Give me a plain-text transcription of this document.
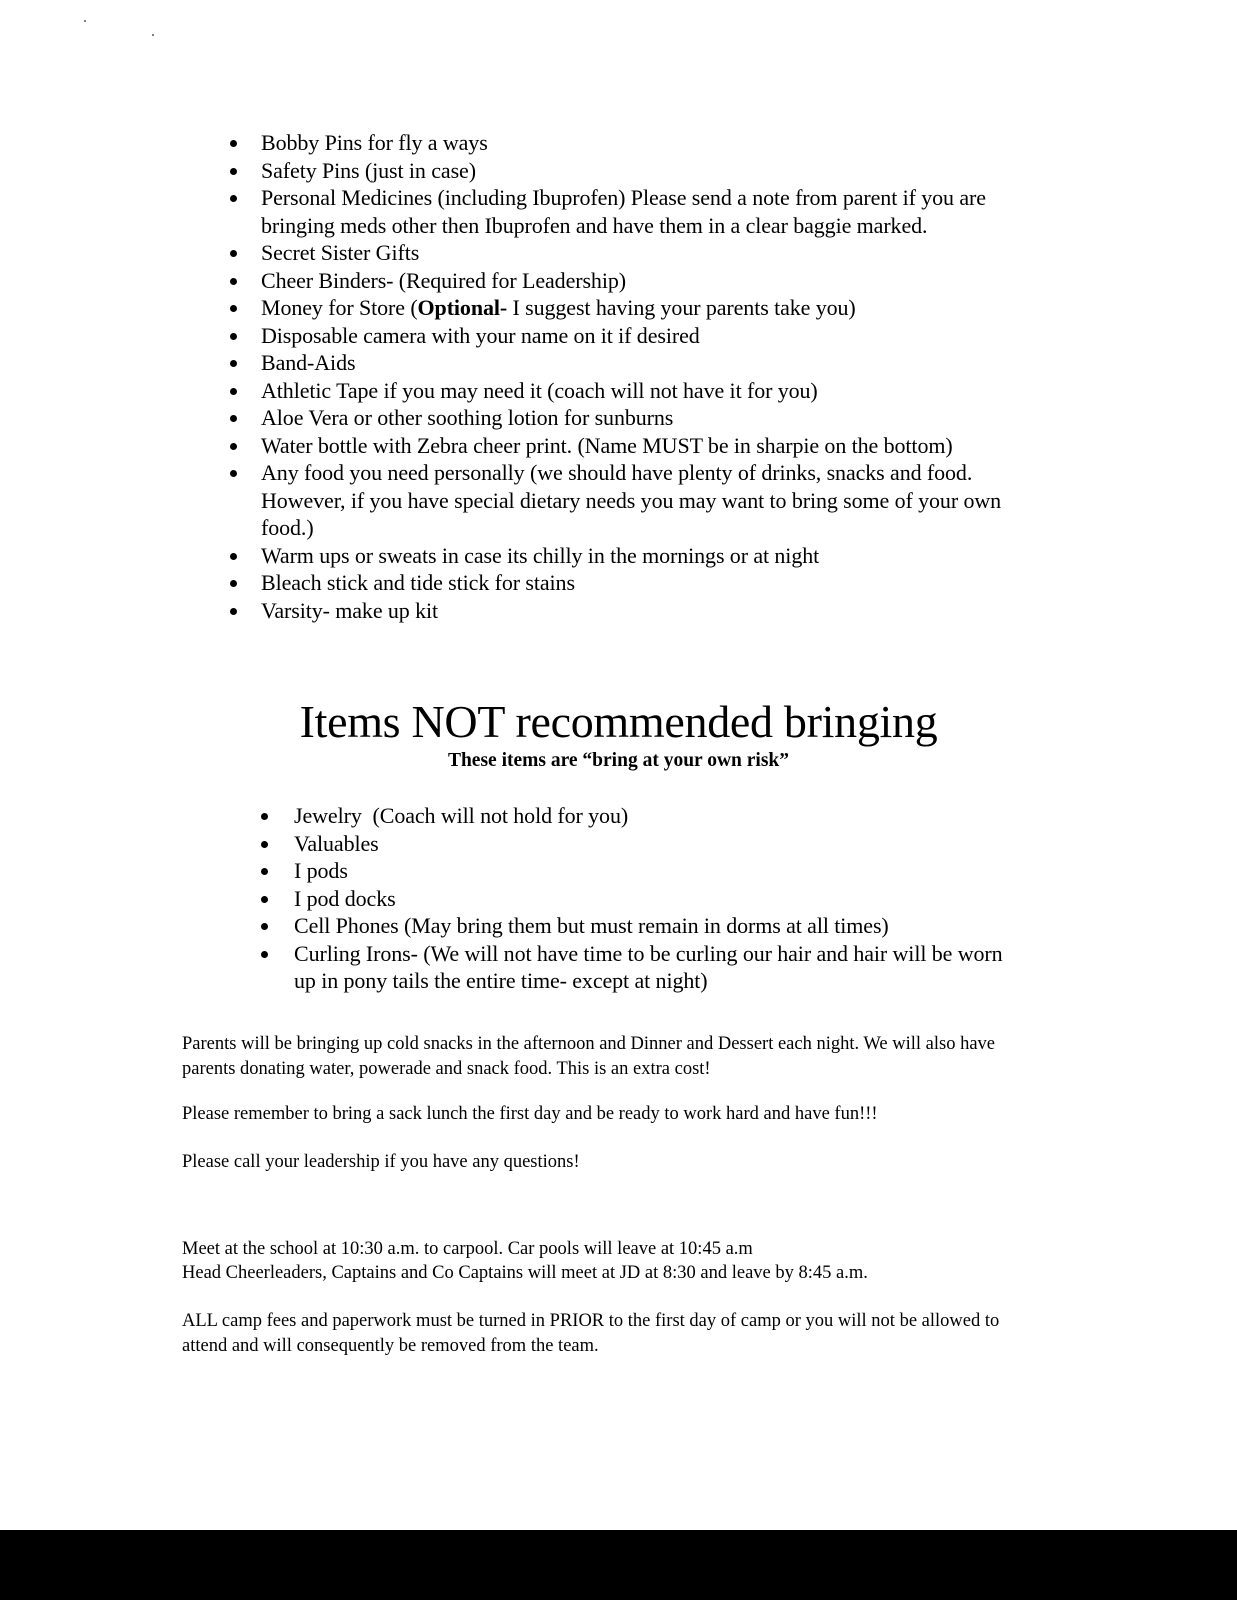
Bobby Pins for fly a ways
Safety Pins (just in case)
Personal Medicines (including Ibuprofen) Please send a note from parent if you are bringing meds other then Ibuprofen and have them in a clear baggie marked.
Secret Sister Gifts
Cheer Binders- (Required for Leadership)
Money for Store (Optional- I suggest having your parents take you)
Disposable camera with your name on it if desired
Band-Aids
Athletic Tape if you may need it (coach will not have it for you)
Aloe Vera or other soothing lotion for sunburns
Water bottle with Zebra cheer print. (Name MUST be in sharpie on the bottom)
Any food you need personally (we should have plenty of drinks, snacks and food. However, if you have special dietary needs you may want to bring some of your own food.)
Warm ups or sweats in case its chilly in the mornings or at night
Bleach stick and tide stick for stains
Varsity- make up kit
Items NOT recommended bringing
These items are “bring at your own risk”
Jewelry  (Coach will not hold for you)
Valuables
I pods
I pod docks
Cell Phones (May bring them but must remain in dorms at all times)
Curling Irons- (We will not have time to be curling our hair and hair will be worn up in pony tails the entire time- except at night)

Parents will be bringing up cold snacks in the afternoon and Dinner and Dessert each night. We will also have parents donating water, powerade and snack food. This is an extra cost!

Please remember to bring a sack lunch the first day and be ready to work hard and have fun!!!

Please call your leadership if you have any questions!

Meet at the school at 10:30 a.m. to carpool. Car pools will leave at 10:45 a.m

Head Cheerleaders, Captains and Co Captains will meet at JD at 8:30 and leave by 8:45 a.m.

ALL camp fees and paperwork must be turned in PRIOR to the first day of camp or you will not be allowed to attend and will consequently be removed from the team.
